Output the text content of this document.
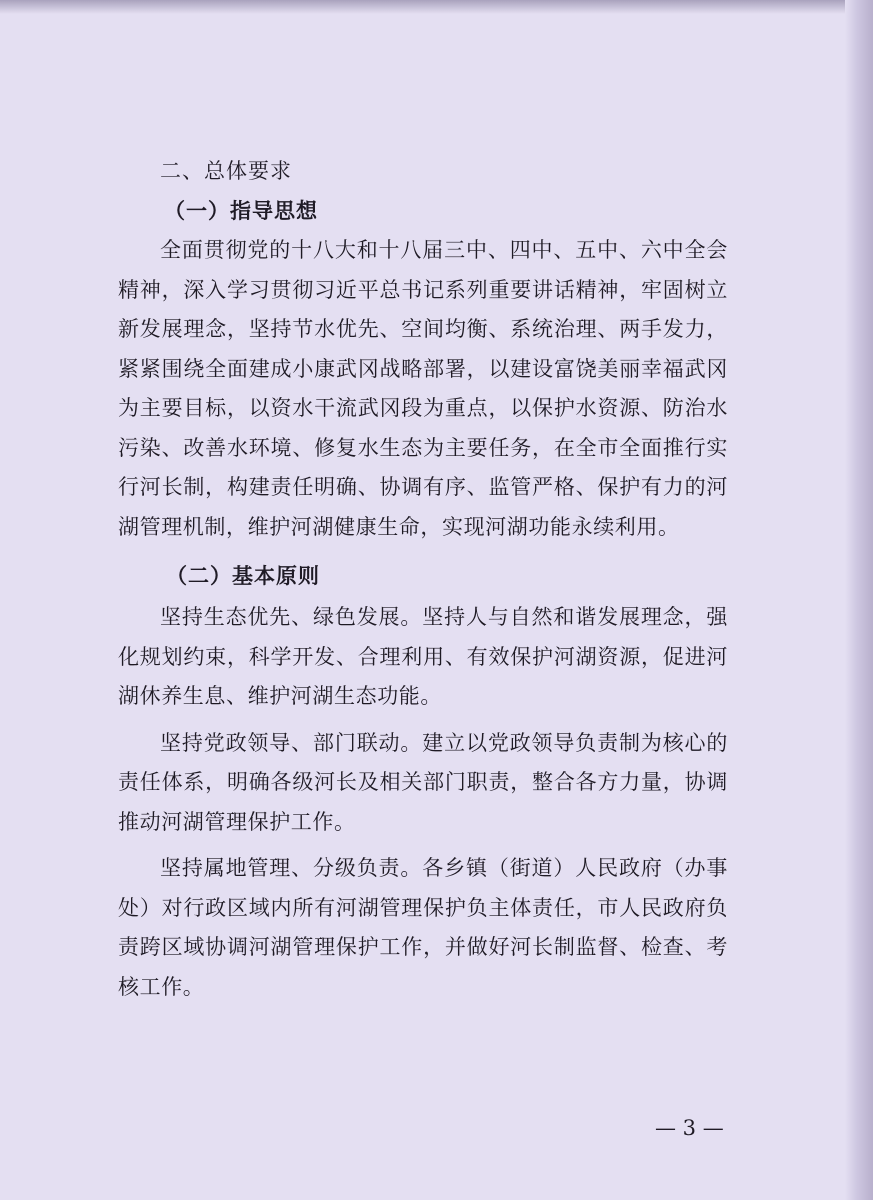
二、总体要求

（一）指导思想

全面贯彻党的十八大和十八届三中、四中、五中、六中全会精神，深入学习贯彻习近平总书记系列重要讲话精神，牢固树立新发展理念，坚持节水优先、空间均衡、系统治理、两手发力，紧紧围绕全面建成小康武冈战略部署，以建设富饶美丽幸福武冈为主要目标，以资水干流武冈段为重点，以保护水资源、防治水污染、改善水环境、修复水生态为主要任务，在全市全面推行实行河长制，构建责任明确、协调有序、监管严格、保护有力的河湖管理机制，维护河湖健康生命，实现河湖功能永续利用。

（二）基本原则

坚持生态优先、绿色发展。坚持人与自然和谐发展理念，强化规划约束，科学开发、合理利用、有效保护河湖资源，促进河湖休养生息、维护河湖生态功能。

坚持党政领导、部门联动。建立以党政领导负责制为核心的责任体系，明确各级河长及相关部门职责，整合各方力量，协调推动河湖管理保护工作。

坚持属地管理、分级负责。各乡镇（街道）人民政府（办事处）对行政区域内所有河湖管理保护负主体责任，市人民政府负责跨区域协调河湖管理保护工作，并做好河长制监督、检查、考核工作。

— 3 —
